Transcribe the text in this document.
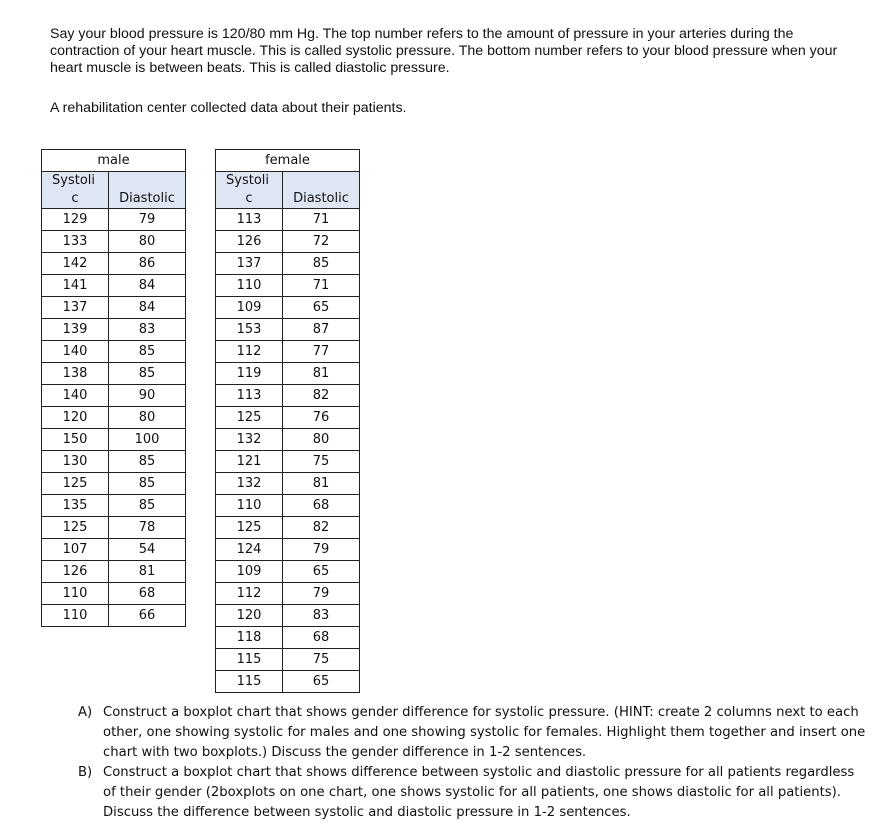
Say your blood pressure is 120/80 mm Hg. The top number refers to the amount of pressure in your arteries during the contraction of your heart muscle. This is called systolic pressure. The bottom number refers to your blood pressure when your heart muscle is between beats. This is called diastolic pressure.

A rehabilitation center collected data about their patients.

male	
Systoli

c	Diastolic
129	79
133	80
142	86
141	84
137	84
139	83
140	85
138	85
140	90
120	80
150	100
130	85
125	85
135	85
125	78
107	54
126	81
110	68
110	66
female	
Systoli

c	Diastolic
113	71
126	72
137	85
110	71
109	65
153	87
112	77
119	81
113	82
125	76
132	80
121	75
132	81
110	68
125	82
124	79
109	65
112	79
120	83
118	68
115	75
115	65
A) Construct a boxplot chart that shows gender difference for systolic pressure. (HINT: create 2 columns next to each other, one showing systolic for males and one showing systolic for females. Highlight them together and insert one chart with two boxplots.) Discuss the gender difference in 1-2 sentences.
B) Construct a boxplot chart that shows difference between systolic and diastolic pressure for all patients regardless of their gender (2boxplots on one chart, one shows systolic for all patients, one shows diastolic for all patients). Discuss the difference between systolic and diastolic pressure in 1-2 sentences.
